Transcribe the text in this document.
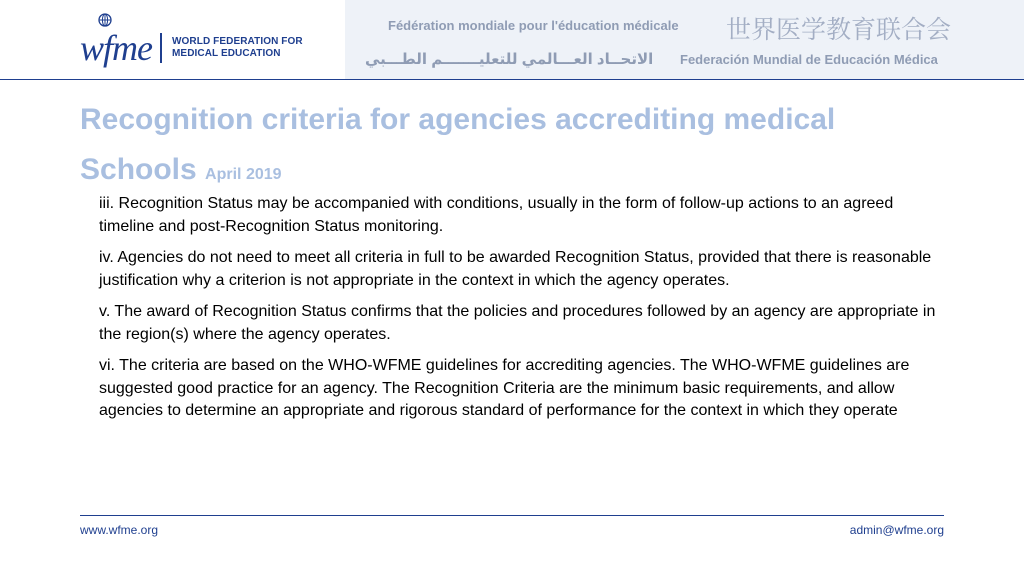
wfme WORLD FEDERATION FOR
MEDICAL EDUCATION
Fédération mondiale pour l'éducation médicale 世界医学教育联合会
الاتحــاد العـــالمي للتعليـــــــم الطـــبي Federación Mundial de Educación Médica
Recognition criteria for agencies accrediting medical Schools April 2019

iii. Recognition Status may be accompanied with conditions, usually in the form of follow-up actions to an agreed timeline and post-Recognition Status monitoring.

iv. Agencies do not need to meet all criteria in full to be awarded Recognition Status, provided that there is reasonable justification why a criterion is not appropriate in the context in which the agency operates.

v. The award of Recognition Status confirms that the policies and procedures followed by an agency are appropriate in the region(s) where the agency operates.

vi. The criteria are based on the WHO-WFME guidelines for accrediting agencies. The WHO-WFME guidelines are suggested good practice for an agency. The Recognition Criteria are the minimum basic requirements, and allow agencies to determine an appropriate and rigorous standard of performance for the context in which they operate

www.wfme.org	admin@wfme.org
